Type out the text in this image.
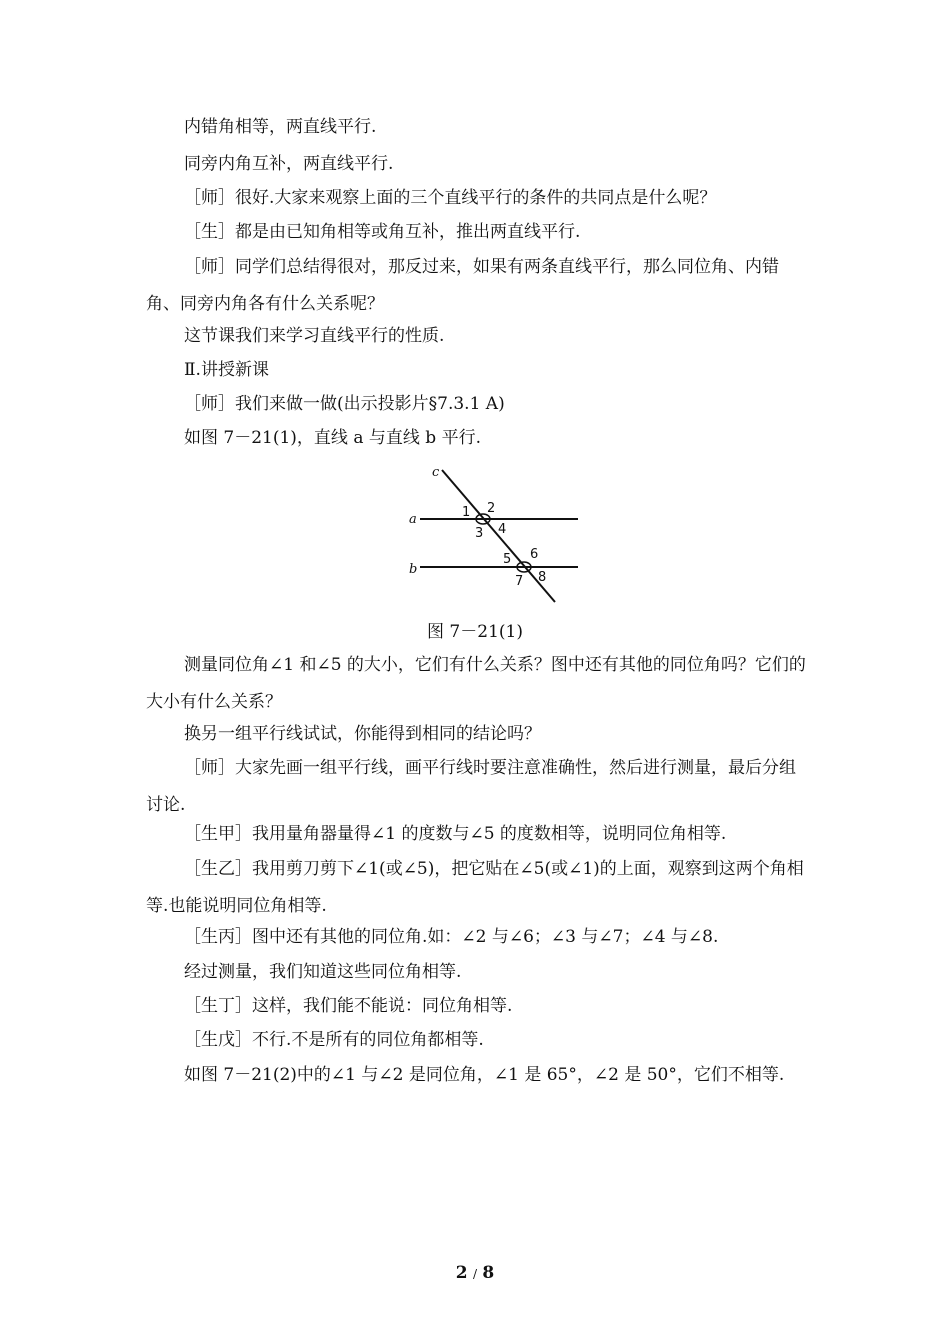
内错角相等，两直线平行.

同旁内角互补，两直线平行.

［师］很好.大家来观察上面的三个直线平行的条件的共同点是什么呢？

［生］都是由已知角相等或角互补，推出两直线平行.

［师］同学们总结得很对，那反过来，如果有两条直线平行，那么同位角、内错角、同旁内角各有什么关系呢？

这节课我们来学习直线平行的性质.

Ⅱ.讲授新课

［师］我们来做一做(出示投影片§7.3.1 A)

如图 7－21(1)，直线 a 与直线 b 平行.

c
a
b
1 2
3 4
5 6
7 8
图 7－21(1)

测量同位角∠1 和∠5 的大小，它们有什么关系？图中还有其他的同位角吗？它们的大小有什么关系？

换另一组平行线试试，你能得到相同的结论吗？

［师］大家先画一组平行线，画平行线时要注意准确性，然后进行测量，最后分组讨论.

［生甲］我用量角器量得∠1 的度数与∠5 的度数相等，说明同位角相等.

［生乙］我用剪刀剪下∠1(或∠5)，把它贴在∠5(或∠1)的上面，观察到这两个角相等.也能说明同位角相等.

［生丙］图中还有其他的同位角.如：∠2 与∠6；∠3 与∠7；∠4 与∠8.

经过测量，我们知道这些同位角相等.

［生丁］这样，我们能不能说：同位角相等.

［生戊］不行.不是所有的同位角都相等.

如图 7－21(2)中的∠1 与∠2 是同位角，∠1 是 65°，∠2 是 50°，它们不相等.

2 / 8
